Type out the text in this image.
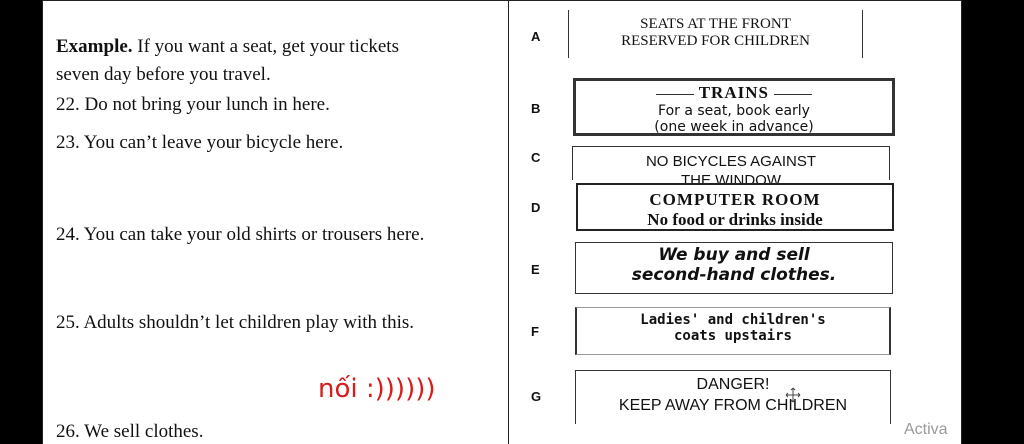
Example. If you want a seat, get your tickets
seven day before you travel.
22. Do not bring your lunch in here.
23. You can’t leave your bicycle here.
24. You can take your old shirts or trousers here.
25. Adults shouldn’t let children play with this.
nối :))))))
26. We sell clothes.
A
B
C
D
E
F
G
SEATS AT THE FRONT
RESERVED FOR CHILDREN
TRAINS
For a seat, book early
(one week in advance)
NO BICYCLES AGAINST
THE WINDOW
COMPUTER ROOM
No food or drinks inside
We buy and sell
second-hand clothes.
Ladies' and children's
coats upstairs
DANGER!
KEEP AWAY FROM CHILDREN
Activa
